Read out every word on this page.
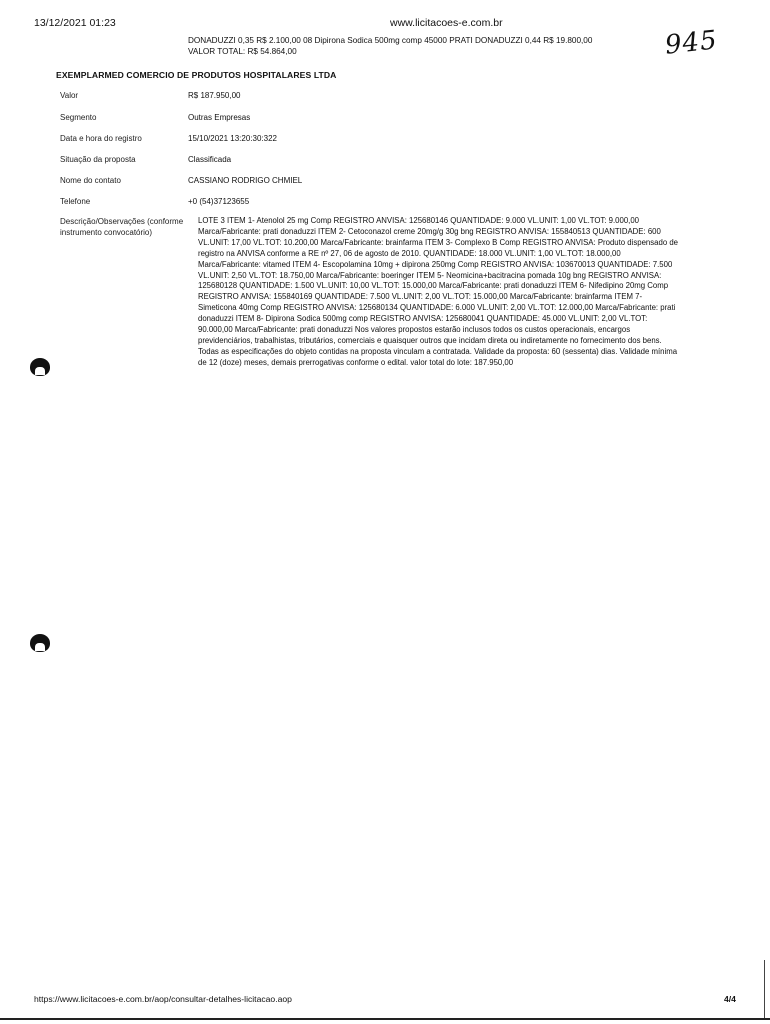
13/12/2021 01:23	www.licitacoes-e.com.br
DONADUZZI 0,35 R$ 2.100,00 08 Dipirona Sodica 500mg comp 45000 PRATI DONADUZZI 0,44 R$ 19.800,00
VALOR TOTAL: R$ 54.864,00	945
EXEMPLARMED COMERCIO DE PRODUTOS HOSPITALARES LTDA
Valor	R$ 187.950,00
Segmento	Outras Empresas
Data e hora do registro	15/10/2021 13:20:30:322
Situação da proposta	Classificada
Nome do contato	CASSIANO RODRIGO CHMIEL
Telefone	+0 (54)37123655
Descrição/Observações (conforme instrumento convocatório)
LOTE 3 ITEM 1- Atenolol 25 mg Comp REGISTRO ANVISA: 125680146 QUANTIDADE: 9.000 VL.UNIT: 1,00 VL.TOT: 9.000,00 Marca/Fabricante: prati donaduzzi ITEM 2- Cetoconazol creme 20mg/g 30g bng REGISTRO ANVISA: 155840513 QUANTIDADE: 600 VL.UNIT: 17,00 VL.TOT: 10.200,00 Marca/Fabricante: brainfarma ITEM 3- Complexo B Comp REGISTRO ANVISA: Produto dispensado de registro na ANVISA conforme a RE nº 27, 06 de agosto de 2010. QUANTIDADE: 18.000 VL.UNIT: 1,00 VL.TOT: 18.000,00 Marca/Fabricante: vitamed ITEM 4- Escopolamina 10mg + dipirona 250mg Comp REGISTRO ANVISA: 103670013 QUANTIDADE: 7.500 VL.UNIT: 2,50 VL.TOT: 18.750,00 Marca/Fabricante: boeringer ITEM 5- Neomicina+bacitracina pomada 10g bng REGISTRO ANVISA: 125680128 QUANTIDADE: 1.500 VL.UNIT: 10,00 VL.TOT: 15.000,00 Marca/Fabricante: prati donaduzzi ITEM 6- Nifedipino 20mg Comp REGISTRO ANVISA: 155840169 QUANTIDADE: 7.500 VL.UNIT: 2,00 VL.TOT: 15.000,00 Marca/Fabricante: brainfarma ITEM 7- Simeticona 40mg Comp REGISTRO ANVISA: 125680134 QUANTIDADE: 6.000 VL.UNIT: 2,00 VL.TOT: 12.000,00 Marca/Fabricante: prati donaduzzi ITEM 8- Dipirona Sodica 500mg comp REGISTRO ANVISA: 125680041 QUANTIDADE: 45.000 VL.UNIT: 2,00 VL.TOT: 90.000,00 Marca/Fabricante: prati donaduzzi Nos valores propostos estarão inclusos todos os custos operacionais, encargos previdenciários, trabalhistas, tributários, comerciais e quaisquer outros que incidam direta ou indiretamente no fornecimento dos bens. Todas as especificações do objeto contidas na proposta vinculam a contratada. Validade da proposta: 60 (sessenta) dias. Validade mínima de 12 (doze) meses, demais prerrogativas conforme o edital. valor total do lote: 187.950,00
https://www.licitacoes-e.com.br/aop/consultar-detalhes-licitacao.aop	4/4
